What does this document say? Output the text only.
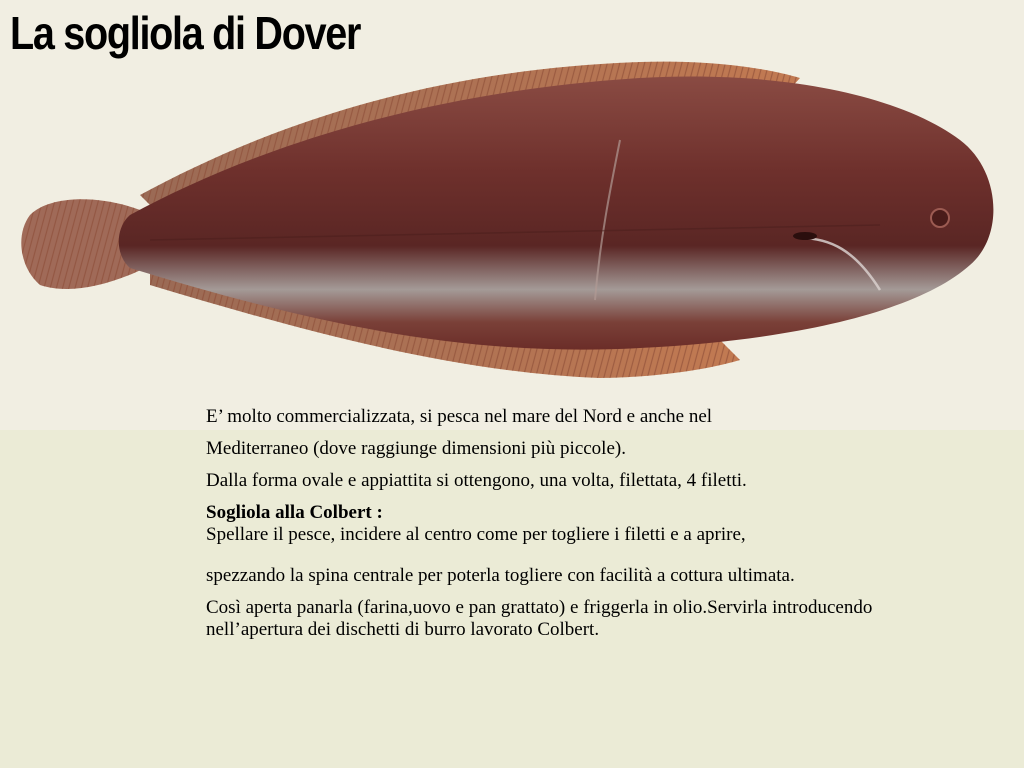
La sogliola di Dover

E’ molto commercializzata, si pesca nel mare del Nord e anche nel

Mediterraneo (dove raggiunge dimensioni più piccole).

Dalla forma ovale e appiattita si ottengono, una volta, filettata, 4 filetti.

Sogliola alla Colbert :
Spellare il pesce, incidere al centro come per togliere i filetti e a aprire,

spezzando la spina centrale per poterla togliere con facilità a cottura ultimata.

Così aperta panarla (farina,uovo e pan grattato) e friggerla in olio.Servirla introducendo
nell’apertura dei dischetti di burro lavorato Colbert.
